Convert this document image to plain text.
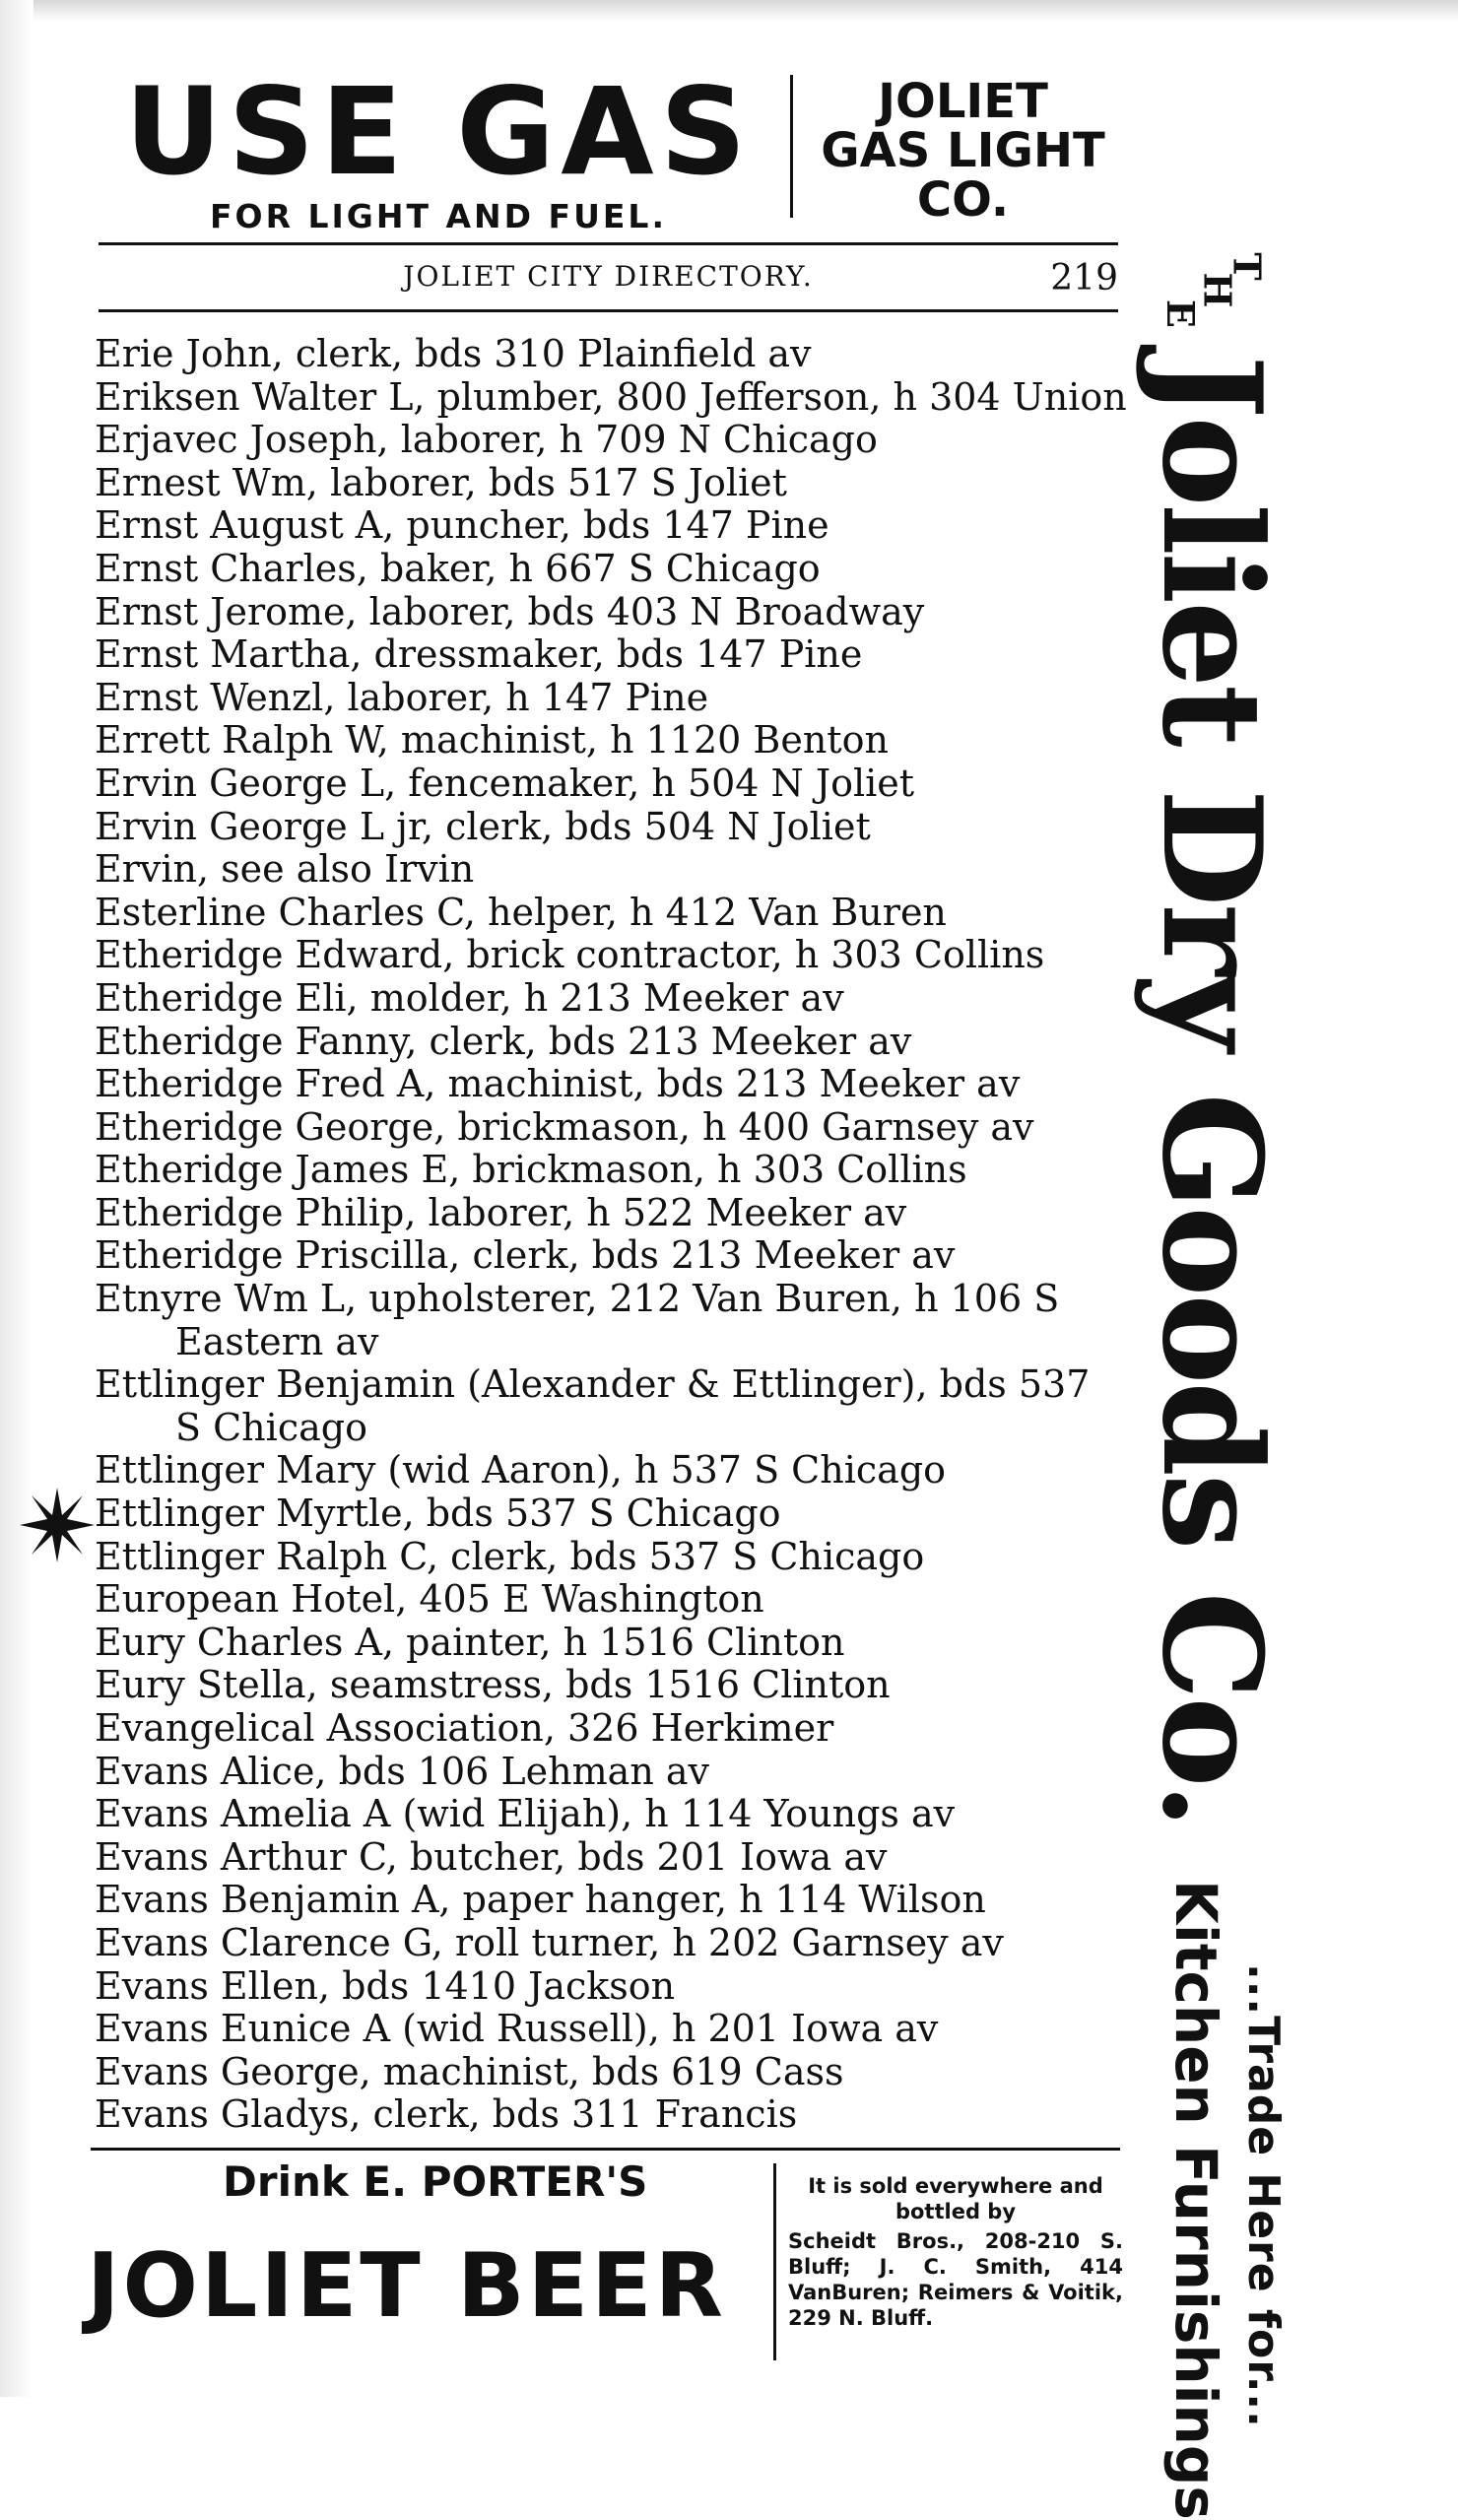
USE GAS
FOR LIGHT AND FUEL.
JOLIET
GAS LIGHT
CO.
JOLIET CITY DIRECTORY.	219
Erie John, clerk, bds 310 Plainfield av
Eriksen Walter L, plumber, 800 Jefferson, h 304 Union
Erjavec Joseph, laborer, h 709 N Chicago
Ernest Wm, laborer, bds 517 S Joliet
Ernst August A, puncher, bds 147 Pine
Ernst Charles, baker, h 667 S Chicago
Ernst Jerome, laborer, bds 403 N Broadway
Ernst Martha, dressmaker, bds 147 Pine
Ernst Wenzl, laborer, h 147 Pine
Errett Ralph W, machinist, h 1120 Benton
Ervin George L, fencemaker, h 504 N Joliet
Ervin George L jr, clerk, bds 504 N Joliet
Ervin, see also Irvin
Esterline Charles C, helper, h 412 Van Buren
Etheridge Edward, brick contractor, h 303 Collins
Etheridge Eli, molder, h 213 Meeker av
Etheridge Fanny, clerk, bds 213 Meeker av
Etheridge Fred A, machinist, bds 213 Meeker av
Etheridge George, brickmason, h 400 Garnsey av
Etheridge James E, brickmason, h 303 Collins
Etheridge Philip, laborer, h 522 Meeker av
Etheridge Priscilla, clerk, bds 213 Meeker av
Etnyre Wm L, upholsterer, 212 Van Buren, h 106 S
Eastern av
Ettlinger Benjamin (Alexander & Ettlinger), bds 537
S Chicago
Ettlinger Mary (wid Aaron), h 537 S Chicago
Ettlinger Myrtle, bds 537 S Chicago
Ettlinger Ralph C, clerk, bds 537 S Chicago
European Hotel, 405 E Washington
Eury Charles A, painter, h 1516 Clinton
Eury Stella, seamstress, bds 1516 Clinton
Evangelical Association, 326 Herkimer
Evans Alice, bds 106 Lehman av
Evans Amelia A (wid Elijah), h 114 Youngs av
Evans Arthur C, butcher, bds 201 Iowa av
Evans Benjamin A, paper hanger, h 114 Wilson
Evans Clarence G, roll turner, h 202 Garnsey av
Evans Ellen, bds 1410 Jackson
Evans Eunice A (wid Russell), h 201 Iowa av
Evans George, machinist, bds 619 Cass
Evans Gladys, clerk, bds 311 Francis
T
H
E
Joliet Dry Goods Co.
...Trade Here for...
Kitchen Furnishings
Drink E. PORTER'S
JOLIET BEER
It is sold everywhere and
bottled by
Scheidt Bros., 208-210 S. Bluff; J. C. Smith, 414 VanBuren; Reimers & Voitik, 229 N. Bluff.
